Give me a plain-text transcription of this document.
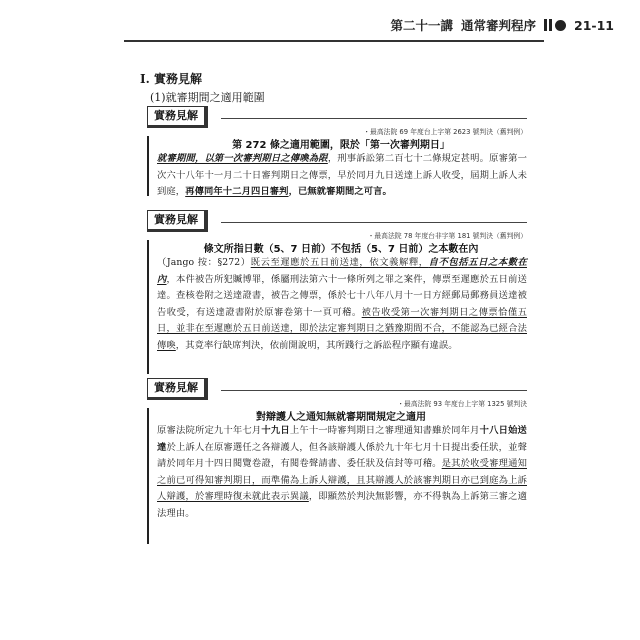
第二十一講 通常審判程序	21-11
I. 實務見解
(1)就審期間之適用範圍
實務見解
・最高法院 69 年度台上字第 2623 號判決（舊判例）

第 272 條之適用範圍，限於「第一次審判期日」

就審期間，以第一次審判期日之傳喚為限，刑事訴訟第二百七十二條規定甚明。原審第一次六十八年十一月二十日審判期日之傳票，早於同月九日送達上訴人收受，屆期上訴人未到庭，再傳同年十二月四日審判，已無就審期間之可言。

實務見解
・最高法院 78 年度台非字第 181 號判決（舊判例）

條文所指日數（5、7 日前）不包括（5、7 日前）之本數在內

（Jango 按：§272）既云至遲應於五日前送達，依文義解釋，自不包括五日之本數在內，本件被告所犯贓博罪，係屬刑法第六十一條所列之罪之案件，傳票至遲應於五日前送達。查核卷附之送達證書，被告之傳票，係於七十八年八月十一日方經郵局郵務員送達被告收受，有送達證書附於原審卷第十一頁可稽。被告收受第一次審判期日之傳票恰僅五日，並非在至遲應於五日前送達，即於法定審判期日之猶豫期間不合，不能認為已經合法傳喚，其竟率行缺席判決，依前開說明，其所踐行之訴訟程序顯有違誤。

實務見解
・最高法院 93 年度台上字第 1325 號判決

對辯護人之通知無就審期間規定之適用

原審法院所定九十年七月十九日上午十一時審判期日之審理通知書雖於同年月十八日始送達於上訴人在原審選任之各辯護人，但各該辯護人係於九十年七月十日提出委任狀，並聲請於同年月十四日閱覽卷證，有閱卷聲請書、委任狀及信封等可稽。是其於收受審理通知之前已可得知審判期日，而準備為上訴人辯護，且其辯護人於該審判期日亦已到庭為上訴人辯護，於審理時復未就此表示異議，即顯然於判決無影響，亦不得執為上訴第三審之適法理由。
